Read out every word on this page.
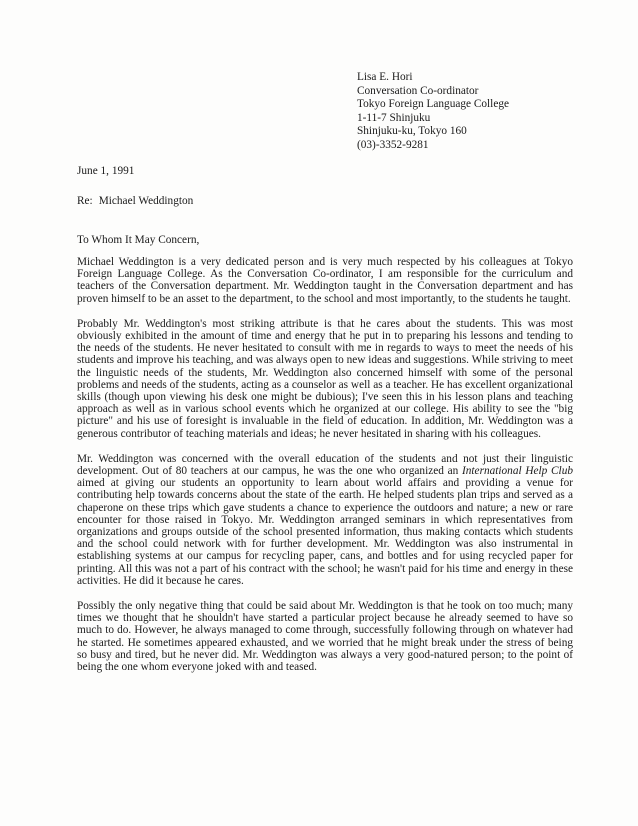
Lisa E. Hori
Conversation Co-ordinator
Tokyo Foreign Language College
1-11-7 Shinjuku
Shinjuku-ku, Tokyo 160
(03)-3352-9281
June 1, 1991
Re: Michael Weddington
To Whom It May Concern,

Michael Weddington is a very dedicated person and is very much respected by his colleagues at Tokyo Foreign Language College. As the Conversation Co-ordinator, I am responsible for the curriculum and teachers of the Conversation department. Mr. Weddington taught in the Conversation department and has proven himself to be an asset to the department, to the school and most importantly, to the students he taught.

Probably Mr. Weddington's most striking attribute is that he cares about the students. This was most obviously exhibited in the amount of time and energy that he put in to preparing his lessons and tending to the needs of the students. He never hesitated to consult with me in regards to ways to meet the needs of his students and improve his teaching, and was always open to new ideas and suggestions. While striving to meet the linguistic needs of the students, Mr. Weddington also concerned himself with some of the personal problems and needs of the students, acting as a counselor as well as a teacher. He has excellent organizational skills (though upon viewing his desk one might be dubious); I've seen this in his lesson plans and teaching approach as well as in various school events which he organized at our college. His ability to see the "big picture" and his use of foresight is invaluable in the field of education. In addition, Mr. Weddington was a generous contributor of teaching materials and ideas; he never hesitated in sharing with his colleagues.

Mr. Weddington was concerned with the overall education of the students and not just their linguistic development. Out of 80 teachers at our campus, he was the one who organized an International Help Club aimed at giving our students an opportunity to learn about world affairs and providing a venue for contributing help towards concerns about the state of the earth. He helped students plan trips and served as a chaperone on these trips which gave students a chance to experience the outdoors and nature; a new or rare encounter for those raised in Tokyo. Mr. Weddington arranged seminars in which representatives from organizations and groups outside of the school presented information, thus making contacts which students and the school could network with for further development. Mr. Weddington was also instrumental in establishing systems at our campus for recycling paper, cans, and bottles and for using recycled paper for printing. All this was not a part of his contract with the school; he wasn't paid for his time and energy in these activities. He did it because he cares.

Possibly the only negative thing that could be said about Mr. Weddington is that he took on too much; many times we thought that he shouldn't have started a particular project because he already seemed to have so much to do. However, he always managed to come through, successfully following through on whatever had he started. He sometimes appeared exhausted, and we worried that he might break under the stress of being so busy and tired, but he never did. Mr. Weddington was always a very good-natured person; to the point of being the one whom everyone joked with and teased.
